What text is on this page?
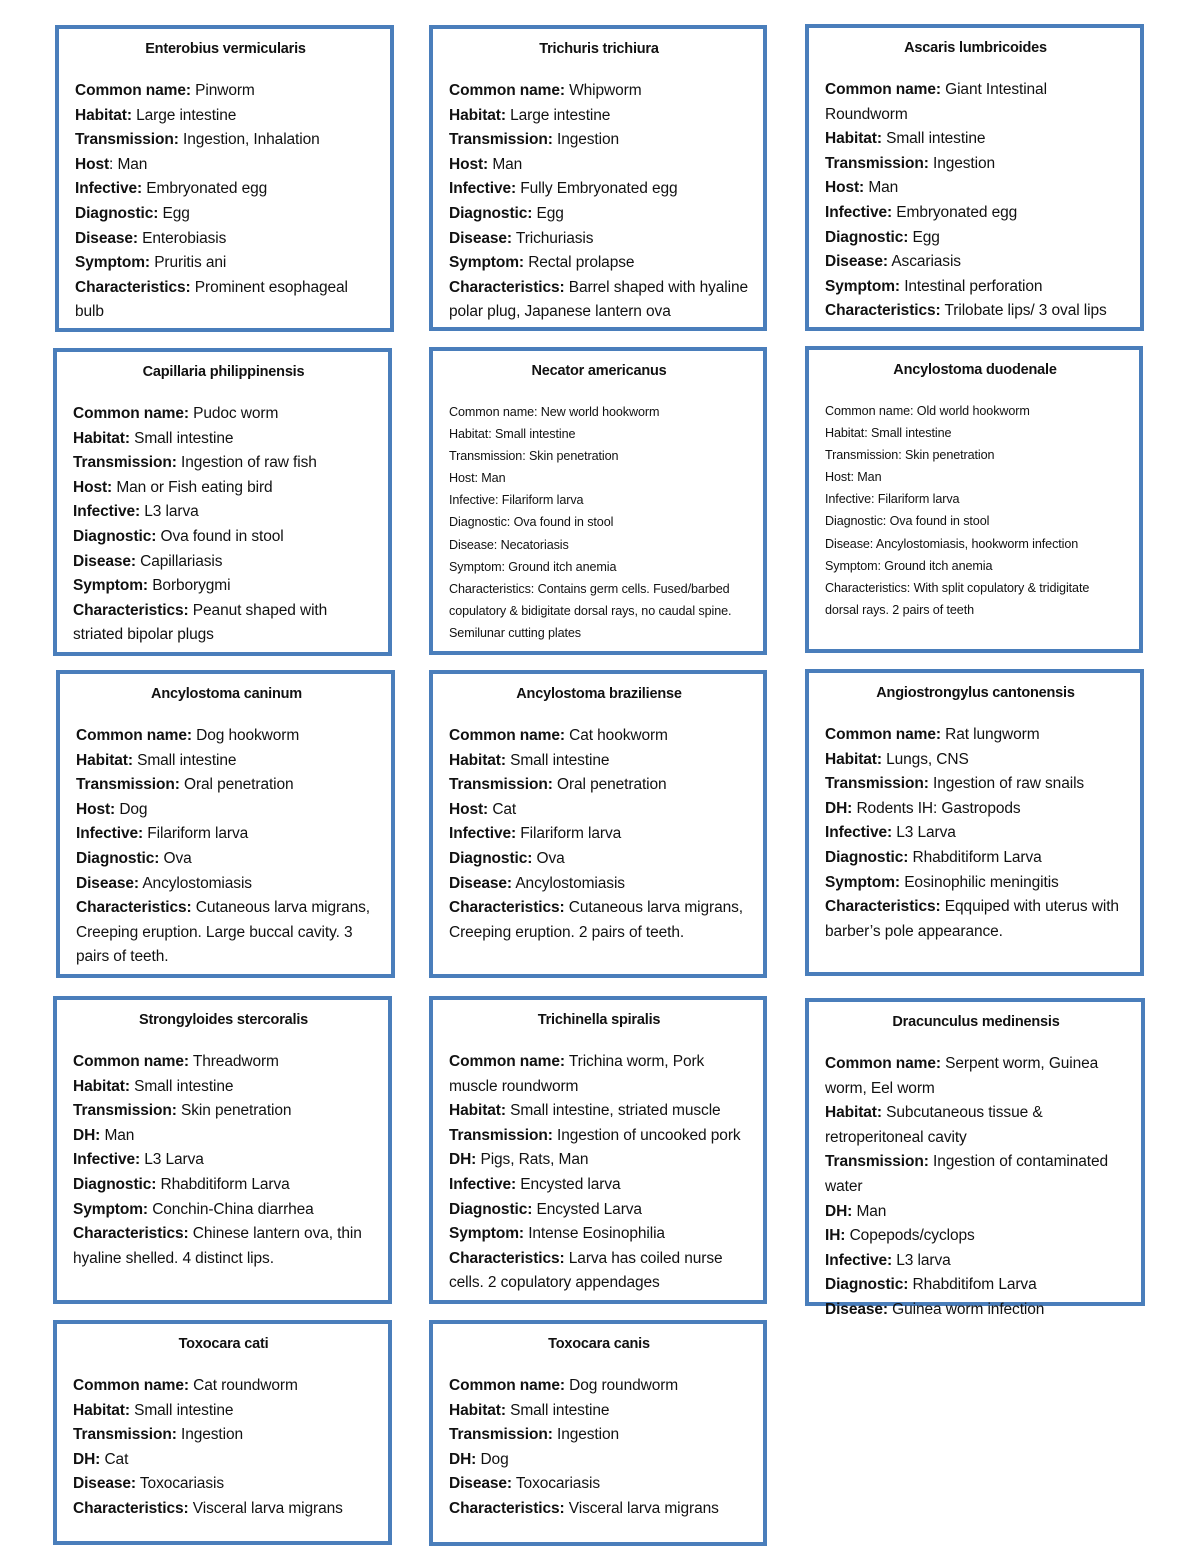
Enterobius vermicularis
Common name: Pinworm
Habitat: Large intestine
Transmission: Ingestion, Inhalation
Host: Man
Infective: Embryonated egg
Diagnostic: Egg
Disease: Enterobiasis
Symptom: Pruritis ani
Characteristics: Prominent esophageal bulb
Trichuris trichiura
Common name: Whipworm
Habitat: Large intestine
Transmission: Ingestion
Host: Man
Infective: Fully Embryonated egg
Diagnostic: Egg
Disease: Trichuriasis
Symptom: Rectal prolapse
Characteristics: Barrel shaped with hyaline polar plug, Japanese lantern ova
Ascaris lumbricoides
Common name: Giant Intestinal Roundworm
Habitat: Small intestine
Transmission: Ingestion
Host: Man
Infective: Embryonated egg
Diagnostic: Egg
Disease: Ascariasis
Symptom: Intestinal perforation
Characteristics: Trilobate lips/ 3 oval lips
Capillaria philippinensis
Common name: Pudoc worm
Habitat: Small intestine
Transmission: Ingestion of raw fish
Host: Man or Fish eating bird
Infective: L3 larva
Diagnostic: Ova found in stool
Disease: Capillariasis
Symptom: Borborygmi
Characteristics: Peanut shaped with striated bipolar plugs
Necator americanus
Common name: New world hookworm
Habitat: Small intestine
Transmission: Skin penetration
Host: Man
Infective: Filariform larva
Diagnostic: Ova found in stool
Disease: Necatoriasis
Symptom: Ground itch anemia
Characteristics: Contains germ cells. Fused/barbed copulatory & bidigitate dorsal rays, no caudal spine. Semilunar cutting plates
Ancylostoma duodenale
Common name: Old world hookworm
Habitat: Small intestine
Transmission: Skin penetration
Host: Man
Infective: Filariform larva
Diagnostic: Ova found in stool
Disease: Ancylostomiasis, hookworm infection
Symptom: Ground itch anemia
Characteristics: With split copulatory & tridigitate dorsal rays. 2 pairs of teeth
Ancylostoma caninum
Common name: Dog hookworm
Habitat: Small intestine
Transmission: Oral penetration
Host: Dog
Infective: Filariform larva
Diagnostic: Ova
Disease: Ancylostomiasis
Characteristics: Cutaneous larva migrans, Creeping eruption. Large buccal cavity. 3 pairs of teeth.
Ancylostoma braziliense
Common name: Cat hookworm
Habitat: Small intestine
Transmission: Oral penetration
Host: Cat
Infective: Filariform larva
Diagnostic: Ova
Disease: Ancylostomiasis
Characteristics: Cutaneous larva migrans, Creeping eruption. 2 pairs of teeth.
Angiostrongylus cantonensis
Common name: Rat lungworm
Habitat: Lungs, CNS
Transmission: Ingestion of raw snails
DH: Rodents IH: Gastropods
Infective: L3 Larva
Diagnostic: Rhabditiform Larva
Symptom: Eosinophilic meningitis
Characteristics: Eqquiped with uterus with barber’s pole appearance.
Strongyloides stercoralis
Common name: Threadworm
Habitat: Small intestine
Transmission: Skin penetration
DH: Man
Infective: L3 Larva
Diagnostic: Rhabditiform Larva
Symptom: Conchin-China diarrhea
Characteristics: Chinese lantern ova, thin hyaline shelled. 4 distinct lips.
Trichinella spiralis
Common name: Trichina worm, Pork muscle roundworm
Habitat: Small intestine, striated muscle
Transmission: Ingestion of uncooked pork
DH: Pigs, Rats, Man
Infective: Encysted larva
Diagnostic: Encysted Larva
Symptom: Intense Eosinophilia
Characteristics: Larva has coiled nurse cells. 2 copulatory appendages
Dracunculus medinensis
Common name: Serpent worm, Guinea worm, Eel worm
Habitat: Subcutaneous tissue & retroperitoneal cavity
Transmission: Ingestion of contaminated water
DH: Man
IH: Copepods/cyclops
Infective: L3 larva
Diagnostic: Rhabditifom Larva
Disease: Guinea worm infection
Toxocara cati
Common name: Cat roundworm
Habitat: Small intestine
Transmission: Ingestion
DH: Cat
Disease: Toxocariasis
Characteristics: Visceral larva migrans
Toxocara canis
Common name: Dog roundworm
Habitat: Small intestine
Transmission: Ingestion
DH: Dog
Disease: Toxocariasis
Characteristics: Visceral larva migrans
